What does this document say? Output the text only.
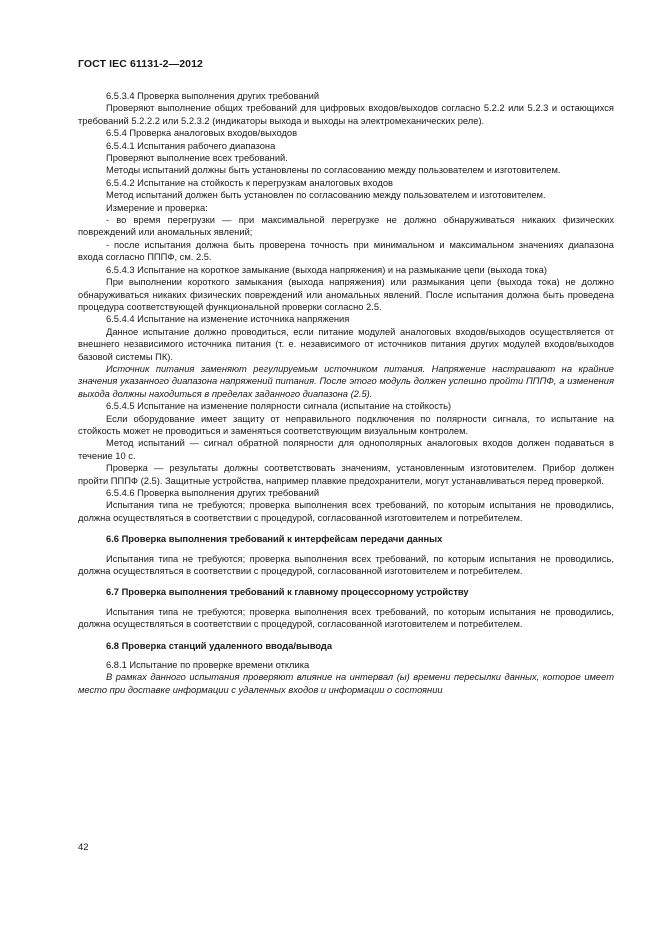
ГОСТ IEC 61131-2—2012

6.5.3.4 Проверка выполнения других требований

Проверяют выполнение общих требований для цифровых входов/выходов согласно 5.2.2 или 5.2.3 и остающихся требований 5.2.2.2 или 5.2.3.2 (индикаторы выхода и выходы на электромеханических реле).

6.5.4 Проверка аналоговых входов/выходов

6.5.4.1 Испытания рабочего диапазона

Проверяют выполнение всех требований.

Методы испытаний должны быть установлены по согласованию между пользователем и изготовителем.

6.5.4.2 Испытание на стойкость к перегрузкам аналоговых входов

Метод испытаний должен быть установлен по согласованию между пользователем и изготовителем.

Измерение и проверка:

- во время перегрузки — при максимальной перегрузке не должно обнаруживаться никаких физических повреждений или аномальных явлений;

- после испытания должна быть проверена точность при минимальном и максимальном значениях диапазона входа согласно ПППФ, см. 2.5.

6.5.4.3 Испытание на короткое замыкание (выхода напряжения) и на размыкание цепи (выхода тока)

При выполнении короткого замыкания (выхода напряжения) или размыкания цепи (выхода тока) не должно обнаруживаться никаких физических повреждений или аномальных явлений. После испытания должна быть проведена процедура соответствующей функциональной проверки согласно 2.5.

6.5.4.4 Испытание на изменение источника напряжения

Данное испытание должно проводиться, если питание модулей аналоговых входов/выходов осуществляется от внешнего независимого источника питания (т. е. независимого от источников питания других модулей входов/выходов базовой системы ПК).

Источник питания заменяют регулируемым источником питания. Напряжение настраивают на крайние значения указанного диапазона напряжений питания. После этого модуль должен успешно пройти ПППФ, а изменения выхода должны находиться в пределах заданного диапазона (2.5).

6.5.4.5 Испытание на изменение полярности сигнала (испытание на стойкость)

Если оборудование имеет защиту от неправильного подключения по полярности сигнала, то испытание на стойкость может не проводиться и заменяться соответствующим визуальным контролем.

Метод испытаний — сигнал обратной полярности для однополярных аналоговых входов должен подаваться в течение 10 с.

Проверка — результаты должны соответствовать значениям, установленным изготовителем. Прибор должен пройти ПППФ (2.5). Защитные устройства, например плавкие предохранители, могут устанавливаться перед проверкой.

6.5.4.6 Проверка выполнения других требований

Испытания типа не требуются; проверка выполнения всех требований, по которым испытания не проводились, должна осуществляться в соответствии с процедурой, согласованной изготовителем и потребителем.

6.6 Проверка выполнения требований к интерфейсам передачи данных

Испытания типа не требуются; проверка выполнения всех требований, по которым испытания не проводились, должна осуществляться в соответствии с процедурой, согласованной изготовителем и потребителем.

6.7 Проверка выполнения требований к главному процессорному устройству

Испытания типа не требуются; проверка выполнения всех требований, по которым испытания не проводились, должна осуществляться в соответствии с процедурой, согласованной изготовителем и потребителем.

6.8 Проверка станций удаленного ввода/вывода

6.8.1 Испытание по проверке времени отклика

В рамках данного испытания проверяют влияние на интервал (ы) времени пересылки данных, которое имеет место при доставке информации с удаленных входов и информации о состоянии

42
